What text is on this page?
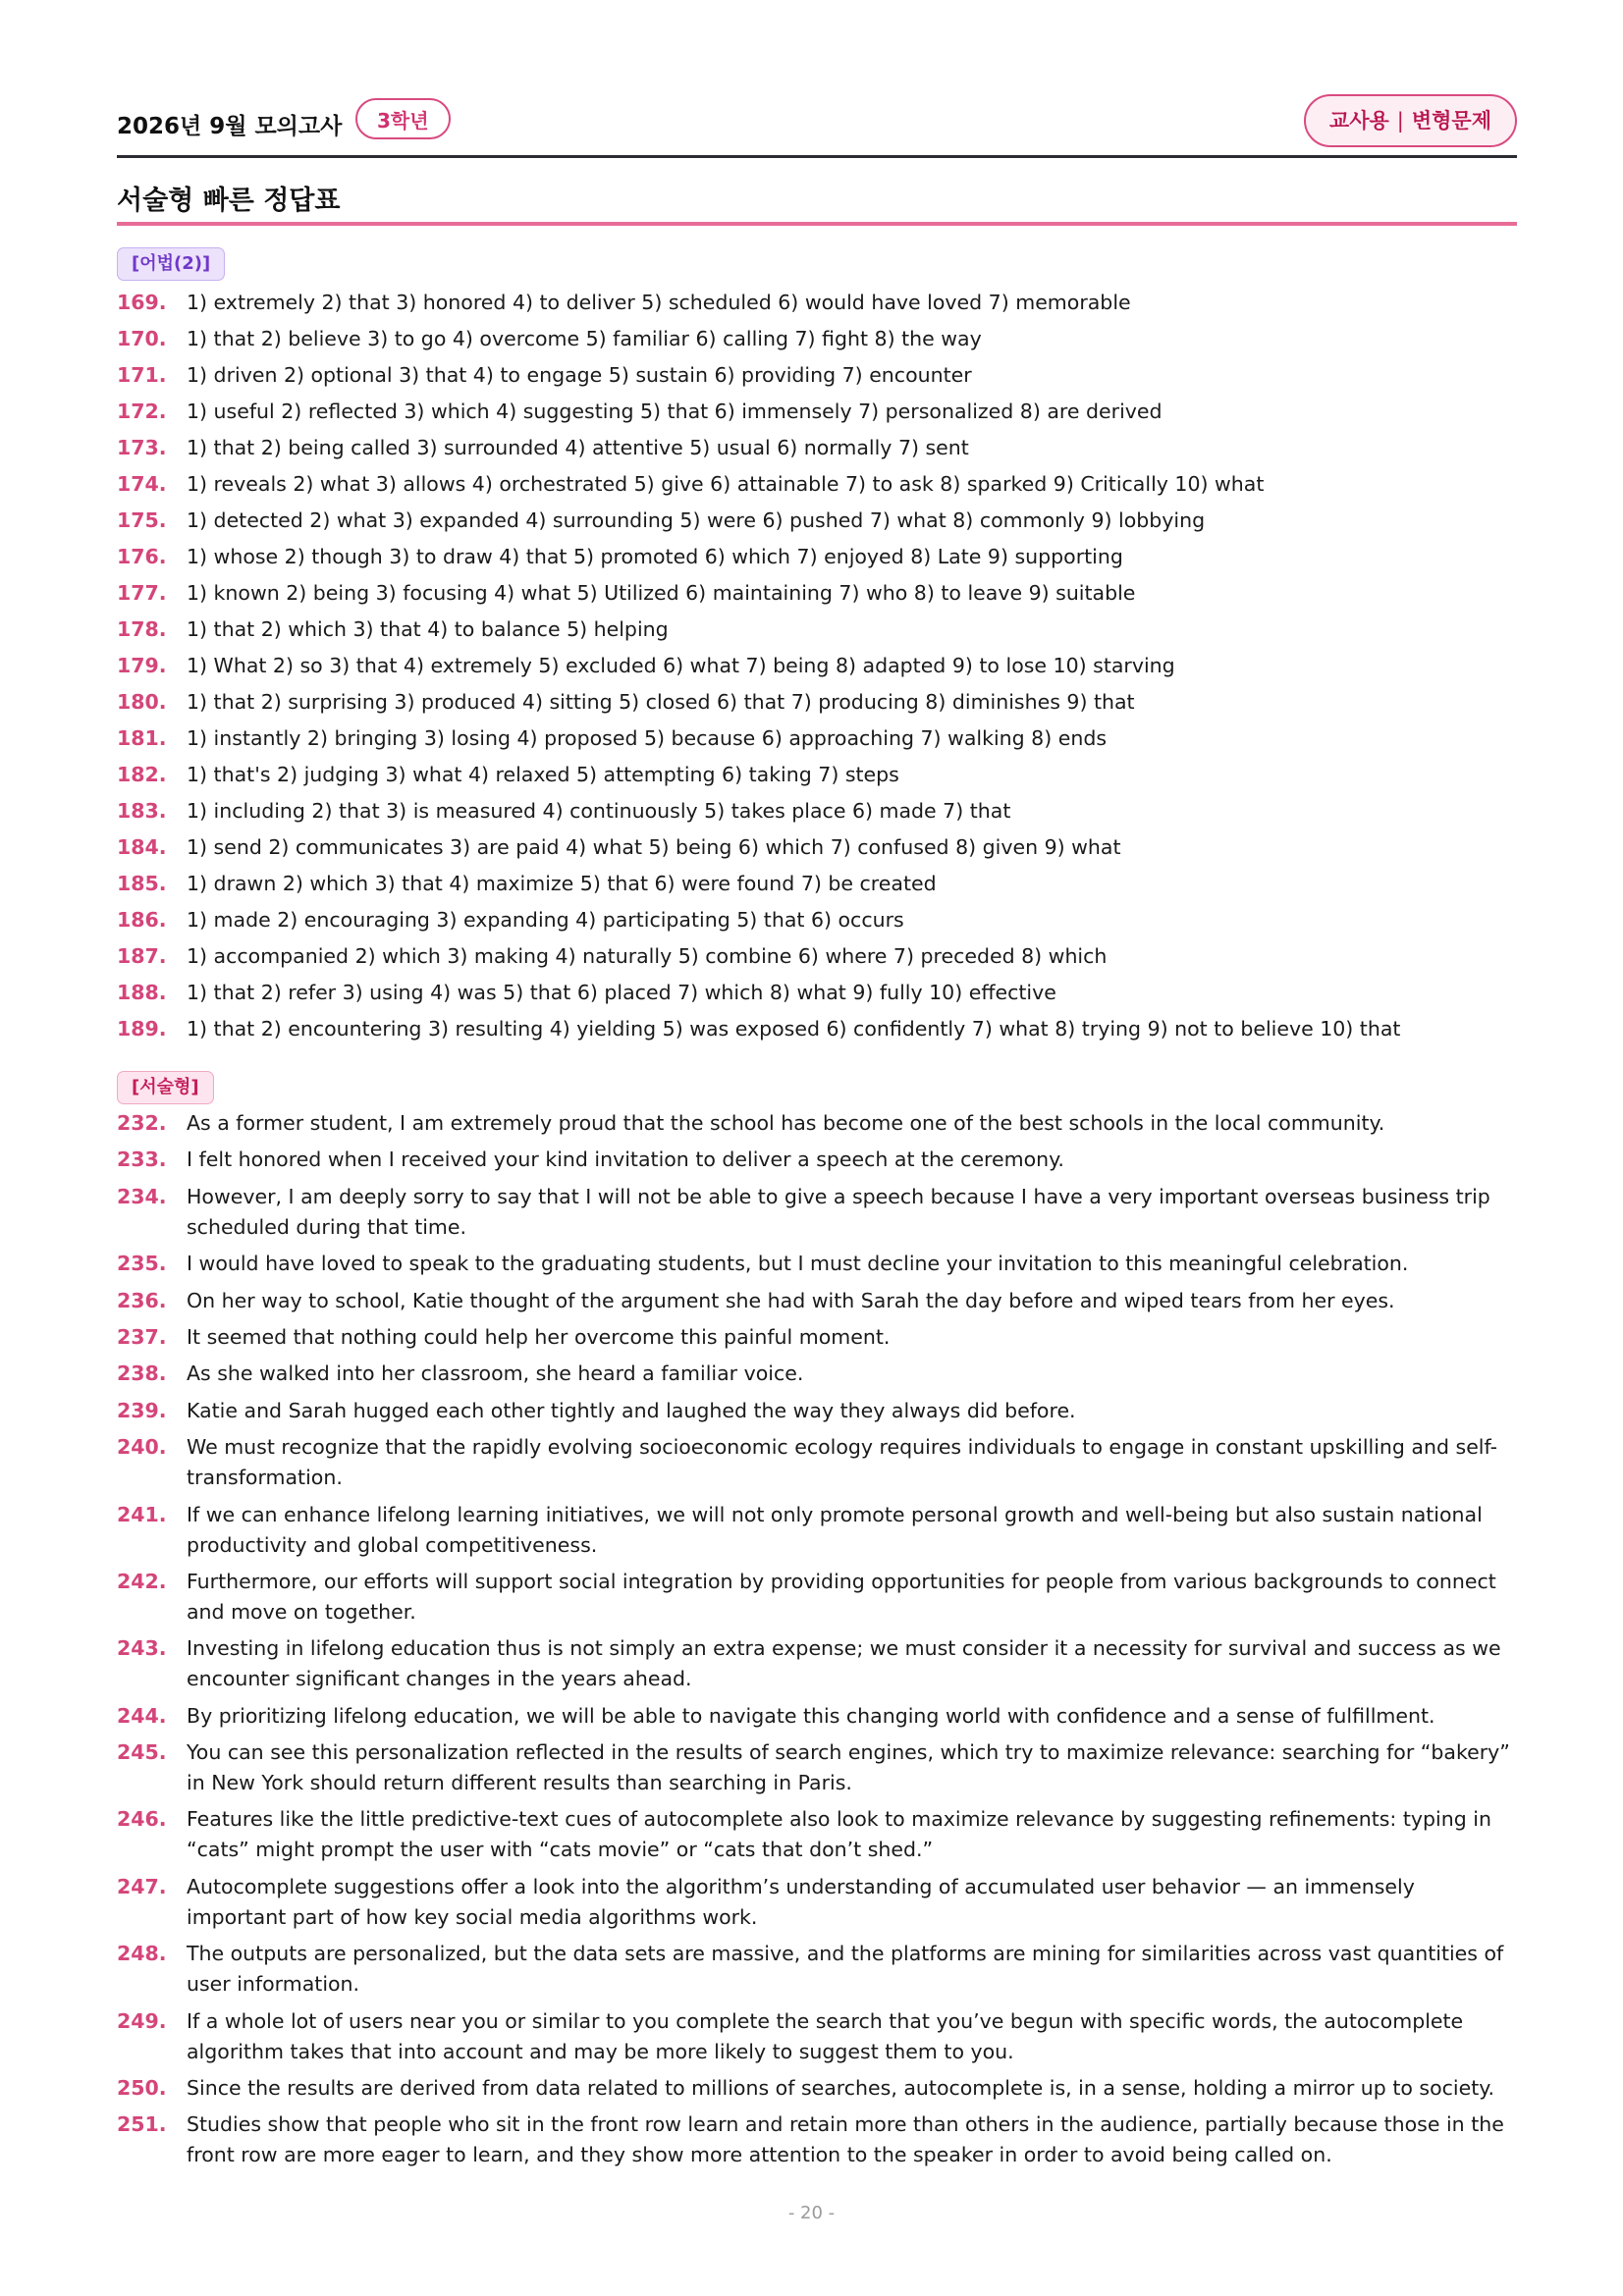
2026년 9월 모의고사	3학년	교사용 | 변형문제
서술형 빠른 정답표
[어법(2)]
169. 1) extremely 2) that 3) honored 4) to deliver 5) scheduled 6) would have loved 7) memorable
170. 1) that 2) believe 3) to go 4) overcome 5) familiar 6) calling 7) fight 8) the way
171. 1) driven 2) optional 3) that 4) to engage 5) sustain 6) providing 7) encounter
172. 1) useful 2) reflected 3) which 4) suggesting 5) that 6) immensely 7) personalized 8) are derived
173. 1) that 2) being called 3) surrounded 4) attentive 5) usual 6) normally 7) sent
174. 1) reveals 2) what 3) allows 4) orchestrated 5) give 6) attainable 7) to ask 8) sparked 9) Critically 10) what
175. 1) detected 2) what 3) expanded 4) surrounding 5) were 6) pushed 7) what 8) commonly 9) lobbying
176. 1) whose 2) though 3) to draw 4) that 5) promoted 6) which 7) enjoyed 8) Late 9) supporting
177. 1) known 2) being 3) focusing 4) what 5) Utilized 6) maintaining 7) who 8) to leave 9) suitable
178. 1) that 2) which 3) that 4) to balance 5) helping
179. 1) What 2) so 3) that 4) extremely 5) excluded 6) what 7) being 8) adapted 9) to lose 10) starving
180. 1) that 2) surprising 3) produced 4) sitting 5) closed 6) that 7) producing 8) diminishes 9) that
181. 1) instantly 2) bringing 3) losing 4) proposed 5) because 6) approaching 7) walking 8) ends
182. 1) that's 2) judging 3) what 4) relaxed 5) attempting 6) taking 7) steps
183. 1) including 2) that 3) is measured 4) continuously 5) takes place 6) made 7) that
184. 1) send 2) communicates 3) are paid 4) what 5) being 6) which 7) confused 8) given 9) what
185. 1) drawn 2) which 3) that 4) maximize 5) that 6) were found 7) be created
186. 1) made 2) encouraging 3) expanding 4) participating 5) that 6) occurs
187. 1) accompanied 2) which 3) making 4) naturally 5) combine 6) where 7) preceded 8) which
188. 1) that 2) refer 3) using 4) was 5) that 6) placed 7) which 8) what 9) fully 10) effective
189. 1) that 2) encountering 3) resulting 4) yielding 5) was exposed 6) confidently 7) what 8) trying 9) not to believe 10) that
[서술형]
232. As a former student, I am extremely proud that the school has become one of the best schools in the local community.
233. I felt honored when I received your kind invitation to deliver a speech at the ceremony.
234. However, I am deeply sorry to say that I will not be able to give a speech because I have a very important overseas business trip scheduled during that time.
235. I would have loved to speak to the graduating students, but I must decline your invitation to this meaningful celebration.
236. On her way to school, Katie thought of the argument she had with Sarah the day before and wiped tears from her eyes.
237. It seemed that nothing could help her overcome this painful moment.
238. As she walked into her classroom, she heard a familiar voice.
239. Katie and Sarah hugged each other tightly and laughed the way they always did before.
240. We must recognize that the rapidly evolving socioeconomic ecology requires individuals to engage in constant upskilling and self-transformation.
241. If we can enhance lifelong learning initiatives, we will not only promote personal growth and well-being but also sustain national productivity and global competitiveness.
242. Furthermore, our efforts will support social integration by providing opportunities for people from various backgrounds to connect and move on together.
243. Investing in lifelong education thus is not simply an extra expense; we must consider it a necessity for survival and success as we encounter significant changes in the years ahead.
244. By prioritizing lifelong education, we will be able to navigate this changing world with confidence and a sense of fulfillment.
245. You can see this personalization reflected in the results of search engines, which try to maximize relevance: searching for “bakery” in New York should return different results than searching in Paris.
246. Features like the little predictive-text cues of autocomplete also look to maximize relevance by suggesting refinements: typing in “cats” might prompt the user with “cats movie” or “cats that don’t shed.”
247. Autocomplete suggestions offer a look into the algorithm’s understanding of accumulated user behavior — an immensely important part of how key social media algorithms work.
248. The outputs are personalized, but the data sets are massive, and the platforms are mining for similarities across vast quantities of user information.
249. If a whole lot of users near you or similar to you complete the search that you’ve begun with specific words, the autocomplete algorithm takes that into account and may be more likely to suggest them to you.
250. Since the results are derived from data related to millions of searches, autocomplete is, in a sense, holding a mirror up to society.
251. Studies show that people who sit in the front row learn and retain more than others in the audience, partially because those in the front row are more eager to learn, and they show more attention to the speaker in order to avoid being called on.
- 20 -
